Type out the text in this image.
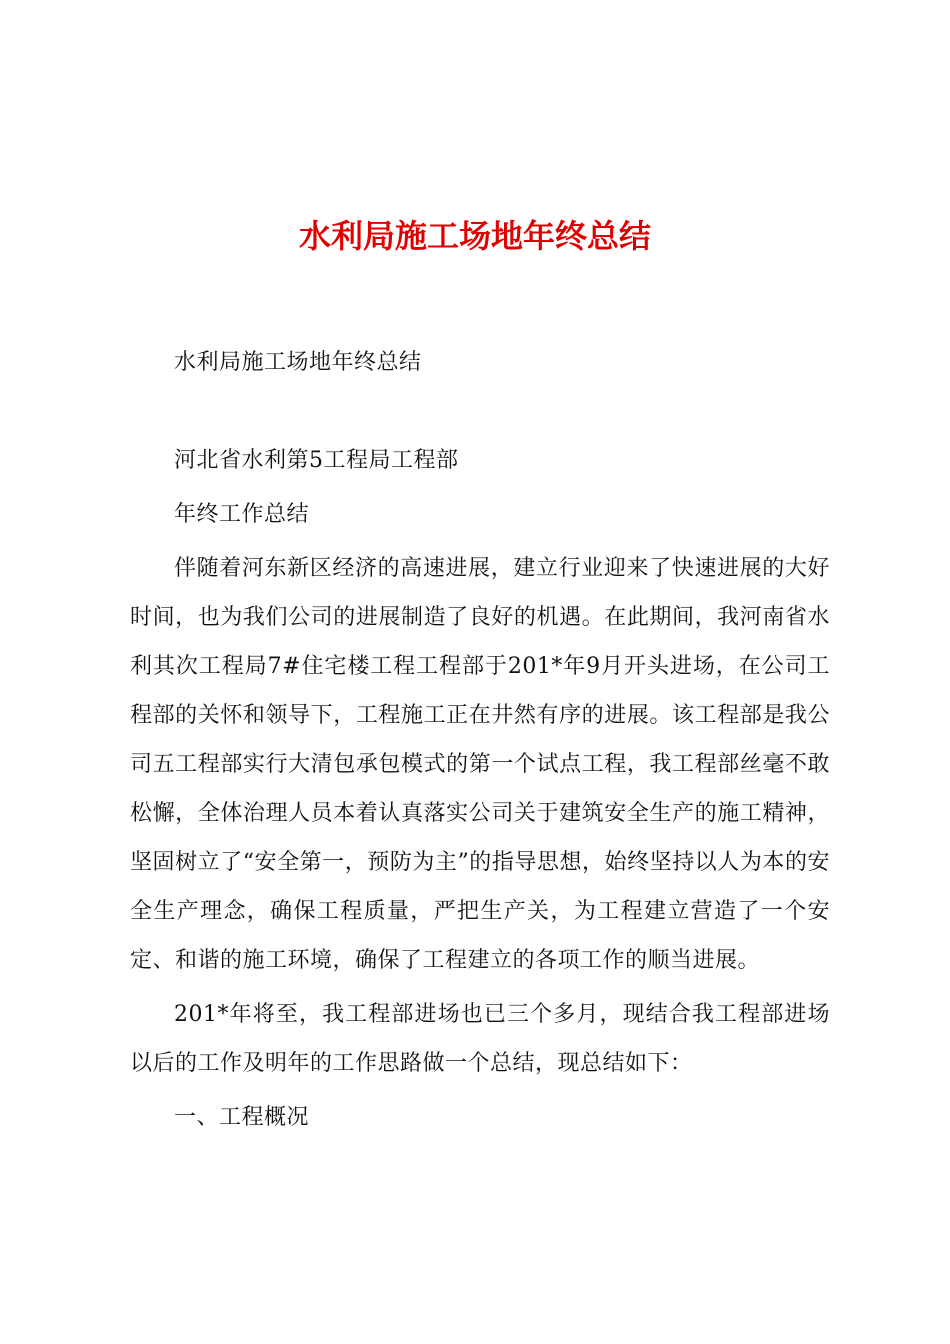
水利局施工场地年终总结

水利局施工场地年终总结

河北省水利第5工程局工程部

年终工作总结

伴随着河东新区经济的高速进展，建立行业迎来了快速进展的大好时间，也为我们公司的进展制造了良好的机遇。在此期间，我河南省水利其次工程局7#住宅楼工程工程部于201*年9月开头进场，在公司工程部的关怀和领导下，工程施工正在井然有序的进展。该工程部是我公司五工程部实行大清包承包模式的第一个试点工程，我工程部丝毫不敢松懈，全体治理人员本着认真落实公司关于建筑安全生产的施工精神，坚固树立了“安全第一，预防为主”的指导思想，始终坚持以人为本的安全生产理念，确保工程质量，严把生产关，为工程建立营造了一个安定、和谐的施工环境，确保了工程建立的各项工作的顺当进展。

201*年将至，我工程部进场也已三个多月，现结合我工程部进场以后的工作及明年的工作思路做一个总结，现总结如下：

一、工程概况
